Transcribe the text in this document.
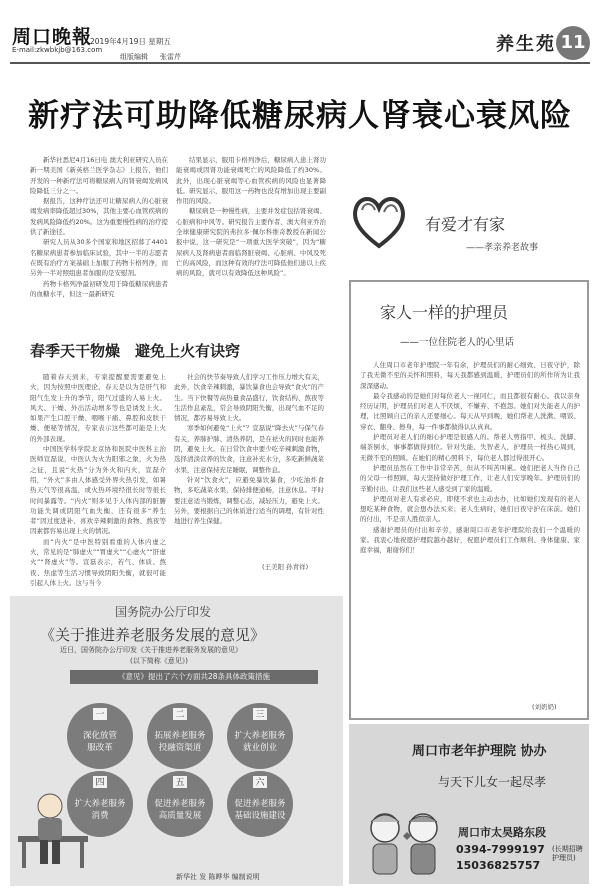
周口晚報
2019年4月19日 星期五
E-mail:zkwbkjb@163.com
组版编辑 张雷芹
养生苑 11
新疗法可助降低糖尿病人肾衰心衰风险

新华社悉尼4月16日电 澳大利亚研究人员在新一期美国《新英格兰医学杂志》上报告，他们开发的一种新疗法可将糖尿病人的肾衰竭发病风险降低三分之一。

据报告，这种疗法还可让糖尿病人的心脏衰竭发病率降低超过30%，其他主要心血管疾病的发病风险降低约20%。这为重要慢性病的治疗提供了新途径。

研究人员从30多个国家和地区招募了4401名糖尿病患者参加临床试验，其中一半的志愿者在既有治疗方案基础上加服了药物卡格列净，而另外一半对照组患者加服的是安慰剂。

药物卡格列净最初研发用于降低糖尿病患者的血糖水平，但这一最新研究

结果显示，服用卡格列净后，糖尿病人患上肾功能衰竭或因肾功能衰竭死亡的风险降低了约30%。此外，出现心脏衰竭等心血管疾病的风险也显著降低。研究显示，服用这一药物也没有增加出现主要副作用的风险。

糖尿病是一种慢性病，主要并发症包括肾衰竭、心脏病和中风等。研究报告主要作者、澳大利亚乔治全球健康研究院的弗拉多·佩尔科维奇教授在新闻公报中说，这一研究是“一项重大医学突破”，因为“糖尿病人及肾病患者面临肾脏衰竭、心脏病、中风及死亡的高风险，而这种有效的疗法可降低他们患以上疾病的风险，就可以有效降低这种风险”。

有爱才有家
——孝亲养老故事
春季天干物燥　避免上火有诀窍

随着春天到来，专家提醒要需要避免上火，因为按照中医理论，春天是以为是肝气和阳气生发上升的季节，阳气过盛的人易上火。风大、干燥、外出活动增多等也是诱发上火。如果产生口腔干燥、咽喉干痛、鼻腔和皮肤干燥、便秘等情况，专家表示这些都可能是上火的外部表现。

中国医学科学院北京协和医院中医科主治医师宣磊说，中医认为火为阳邪之象，火为热之征，且说“火热”分为外火和内火，宣磊介绍，“外火”多由人体感受外界火热引发，如暑热天气等很高温，或火热环境经很长时等很长时间暴露等。“内火”则多见于人体内部的脏腑功能失调或阴阳气血失衡，还有很多“养生者”因过度进补、喜欢辛辣刺激的食物、熬夜等因素都容易出现上火的情况。

而“内火”是中医特别看重的人体内虚之火，常见的是“肺虚火”“胃虚火”“心虚火”“肝虚火”“肾虚火”等。宣磊表示，若气、体质、熬夜、焦虑等生活习惯导致阴阳失衡，就很可能引起人体上火。这与当今

社会的快节奏导致人们学习工作压力增大有关，此外，饮食辛辣刺激，暴饮暴食也会导致“食火”的产生。当下快餐等高热量食品盛行，饮食结构、熬夜等生活作息紊乱，常会导致阴阳失衡，出现气血不足的情况，都容易导致上火。

寒季如何避免“上火”？宣磊说“降去火”与保气春有关，养肺护肺、清热养阴，是在祛火的同时也能养阴，避免上火。在日常饮食中要少吃辛辣刺激食物，选择清淡营养的饮食，注意补充水分，多吃新鲜蔬菜水果，注意保持充足睡眠，调整作息。

针对“饮食火”，应避免暴饮暴食，少吃油炸食物，多吃蔬菜水果，保持排便通畅，注意休息。平时要注意适当锻炼，调整心态，减轻压力，避免上火。另外，要根据自己的体质进行适当的调理，有针对性地进行养生保健。

(王美阳 孙青祥)
家人一样的护理员
——一位住院老人的心里话

人住周口市老年护理院一年有余，护理员们的耐心细致、日夜守护，除了我无微不至的关怀和照料，每天我都感到温暖，护理员们的所作所为让我深深感动。

最令我感动的是她们对每位老人一视同仁，而且都很有耐心。我以亲身经历证明，护理员们对老人不厌烦、不嫌弃、不抱怨。她们对失能老人的护理，比照顾自己的亲人还要细心。每天从早到晚，她们帮老人洗漱、喂饭、穿衣、翻身、擦身，每一件事都做得认认真真。

护理员对老人们的细心护理是很感人的。帮老人剪指甲、梳头、洗脚、端茶倒水，事事都做得到位。针对失能、失智老人，护理员一样热心周到，无微不至的照顾。在她们的精心照料下，每位老人都过得很开心。

护理员虽然在工作中非常辛苦，但从不叫苦叫累。她们把老人当作自己的父母一样照顾，每天坚持做好护理工作，让老人们安享晚年。护理员们的辛勤付出，让我们这些老人感受到了家的温暖。

护理员对老人有求必应，即使不求也主动去办，比如她们发现有的老人想吃某种食物，就会想办法买来；老人生病时，她们日夜守护在床前。她们的付出，不是亲人胜似亲人。

感谢护理员的付出和辛劳，感谢周口市老年护理院给我们一个温暖的家。我衷心地祝愿护理院越办越好，祝愿护理员们工作顺利、身体健康、家庭幸福，谢谢你们！

(刘奶奶)
周口市老年护理院 协办
与天下儿女一起尽孝
周口市太昊路东段
0394-7999197
15036825757
(长期招聘护理员)
国务院办公厅印发
《关于推进养老服务发展的意见》
近日，国务院办公厅印发《关于推进养老服务发展的意见》
(以下简称《意见》)
《意见》提出了六个方面共28条具体政策措施
一
深化放管
服改革
二
拓展养老服务
投融资渠道
三
扩大养老服务
就业创业
四
扩大养老服务
消费
五
促进养老服务
高质量发展
六
促进养老服务
基础设施建设
新华社 发 陈晔华 编制说明
